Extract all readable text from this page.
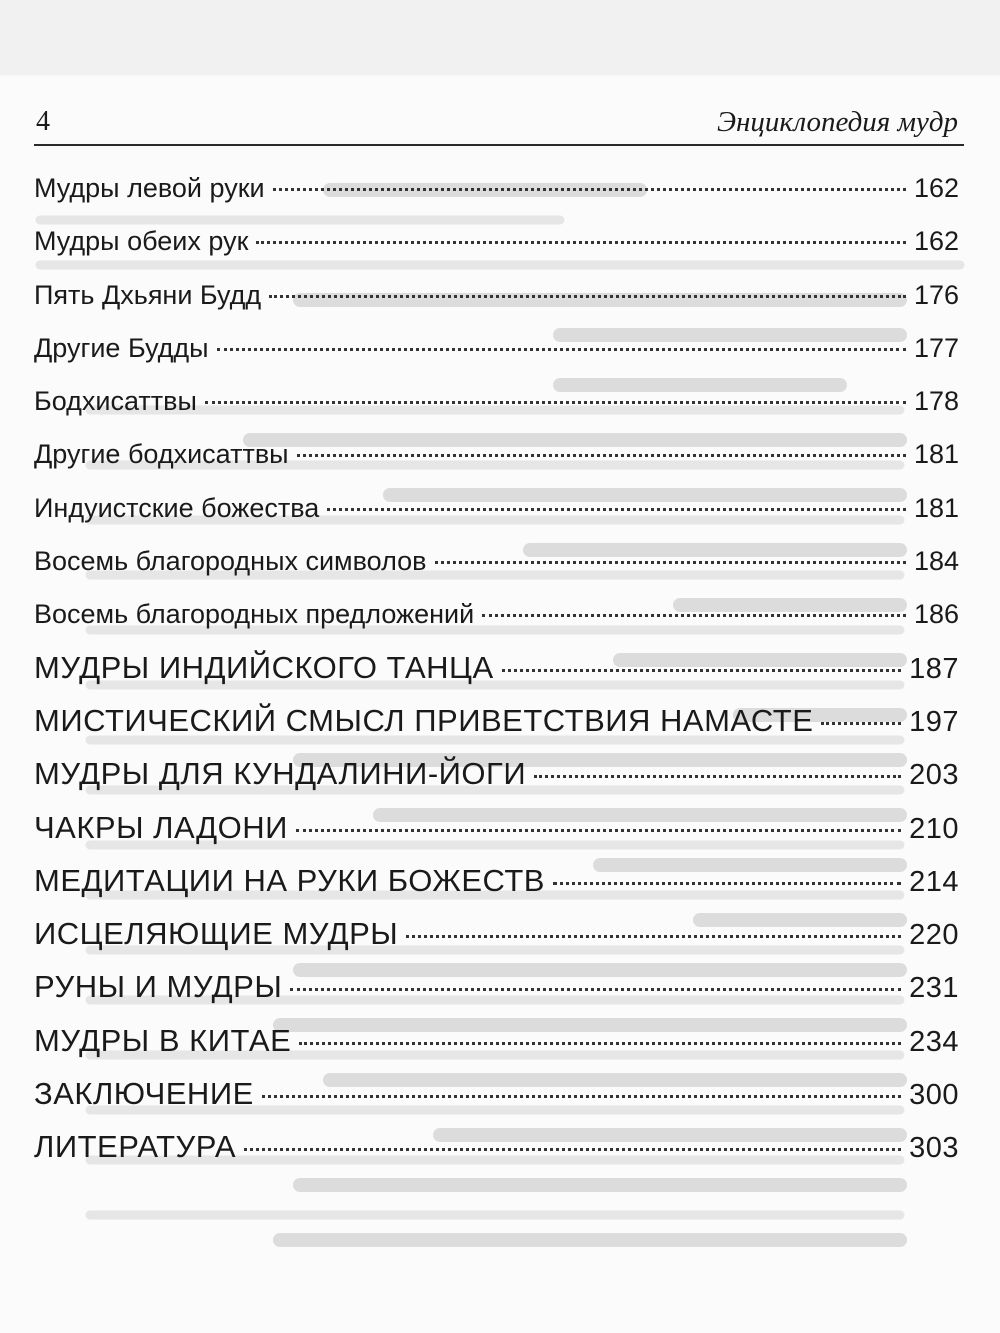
4	Энциклопедия мудр
Мудры левой руки	162
Мудры обеих рук	162
Пять Дхьяни Будд	176
Другие Будды	177
Бодхисаттвы	178
Другие бодхисаттвы	181
Индуистские божества	181
Восемь благородных символов	184
Восемь благородных предложений	186
МУДРЫ ИНДИЙСКОГО ТАНЦА	187
МИСТИЧЕСКИЙ СМЫСЛ ПРИВЕТСТВИЯ НАМАСТЕ	197
МУДРЫ ДЛЯ КУНДАЛИНИ-ЙОГИ	203
ЧАКРЫ ЛАДОНИ	210
МЕДИТАЦИИ НА РУКИ БОЖЕСТВ	214
ИСЦЕЛЯЮЩИЕ МУДРЫ	220
РУНЫ И МУДРЫ	231
МУДРЫ В КИТАЕ	234
ЗАКЛЮЧЕНИЕ	300
ЛИТЕРАТУРА	303
